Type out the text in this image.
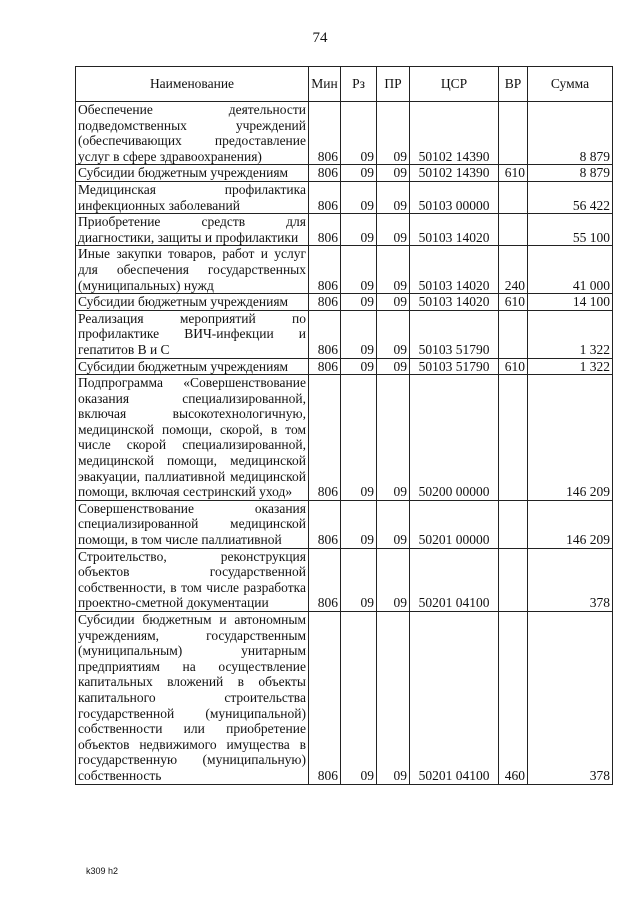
74
Наименование	Мин	Рз	ПР	ЦСР	ВР	Сумма
Обеспечение деятельности подведомственных учреждений (обеспечивающих предоставление услуг в сфере здравоохранения)	806	09	09	50102 14390		8 879
Субсидии бюджетным учреждениям	806	09	09	50102 14390	610	8 879
Медицинская профилактика инфекционных заболеваний	806	09	09	50103 00000		56 422
Приобретение средств для диагностики, защиты и профилактики	806	09	09	50103 14020		55 100
Иные закупки товаров, работ и услуг для обеспечения государственных (муниципальных) нужд	806	09	09	50103 14020	240	41 000
Субсидии бюджетным учреждениям	806	09	09	50103 14020	610	14 100
Реализация мероприятий по профилактике ВИЧ-инфекции и гепатитов В и С	806	09	09	50103 51790		1 322
Субсидии бюджетным учреждениям	806	09	09	50103 51790	610	1 322
Подпрограмма «Совершенствование оказания специализированной, включая высокотехнологичную, медицинской помощи, скорой, в том числе скорой специализированной, медицинской помощи, медицинской эвакуации, паллиативной медицинской помощи, включая сестринский уход»	806	09	09	50200 00000		146 209
Совершенствование оказания специализированной медицинской помощи, в том числе паллиативной	806	09	09	50201 00000		146 209
Строительство, реконструкция объектов государственной собственности, в том числе разработка проектно-сметной документации	806	09	09	50201 04100		378
Субсидии бюджетным и автономным учреждениям, государственным (муниципальным) унитарным предприятиям на осуществление капитальных вложений в объекты капитального строительства государственной (муниципальной) собственности или приобретение объектов недвижимого имущества в государственную (муниципальную) собственность	806	09	09	50201 04100	460	378
k309 h2
